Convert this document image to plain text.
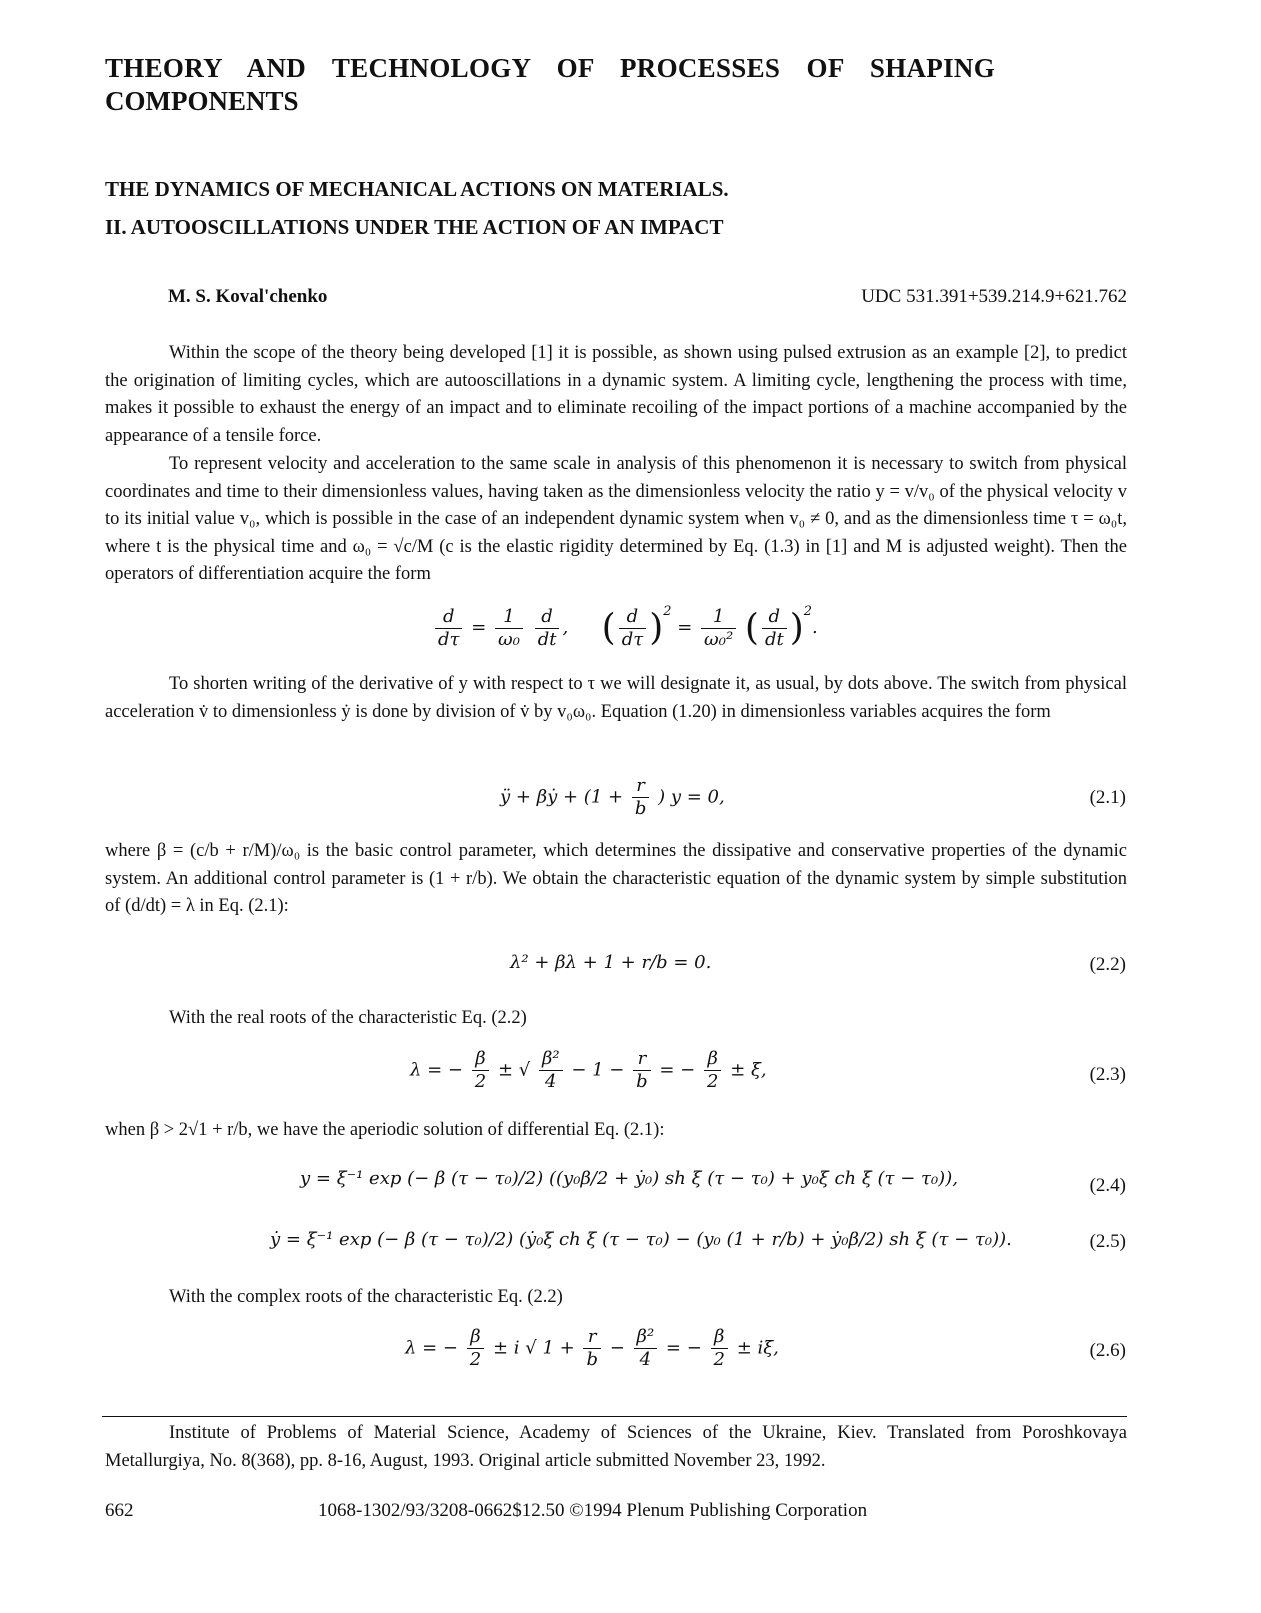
THEORY AND TECHNOLOGY OF PROCESSES OF SHAPING
COMPONENTS
THE DYNAMICS OF MECHANICAL ACTIONS ON MATERIALS.
II. AUTOOSCILLATIONS UNDER THE ACTION OF AN IMPACT
M. S. Koval'chenko	UDC 531.391+539.214.9+621.762

Within the scope of the theory being developed [1] it is possible, as shown using pulsed extrusion as an example [2], to predict the origination of limiting cycles, which are autooscillations in a dynamic system. A limiting cycle, lengthening the process with time, makes it possible to exhaust the energy of an impact and to eliminate recoiling of the impact portions of a machine accompanied by the appearance of a tensile force.

To represent velocity and acceleration to the same scale in analysis of this phenomenon it is necessary to switch from physical coordinates and time to their dimensionless values, having taken as the dimensionless velocity the ratio y = v/v₀ of the physical velocity v to its initial value v₀, which is possible in the case of an independent dynamic system when v₀ ≠ 0, and as the dimensionless time τ = ω₀t, where t is the physical time and ω₀ = √c/M (c is the elastic rigidity determined by Eq. (1.3) in [1] and M is adjusted weight). Then the operators of differentiation acquire the form

$\frac{d}{d\tau} = \frac{1}{\text{ω₀}}$
$\frac{d}{dt}$ , ( $\frac{d}{d\tau} )^2 = \frac{1}{\text{ω₀²}}$ ( $\frac{d}{dt} )^2$.

To shorten writing of the derivative of y with respect to τ we will designate it, as usual, by dots above. The switch from physical acceleration v̇ to dimensionless ẏ is done by division of v̇ by v₀ω₀. Equation (1.20) in dimensionless variables acquires the form

ÿ + βẏ + ($1 + \frac{r}{b}$ ) y = 0,	(2.1)

where β = (c/b + r/M)/ω₀ is the basic control parameter, which determines the dissipative and conservative properties of the dynamic system. An additional control parameter is (1 + r/b). We obtain the characteristic equation of the dynamic system by simple substitution of (d/dt) = λ in Eq. (2.1):

λ² + βλ + 1 + r/b = 0.	(2.2)

With the real roots of the characteristic Eq. (2.2)

λ = − $\frac{\beta}{2}$ ± √ $\frac{\text{β²}}{4} - 1 - \frac{r}{b}$ = − $\frac{\beta}{2} \pm \xi$,	(2.3)

when β > 2√1 + r/b, we have the aperiodic solution of differential Eq. (2.1):

y = ξ⁻¹ exp (− β (τ − τ₀)/2) ((y₀β/2 + ẏ₀) sh ξ (τ − τ₀) + y₀ξ ch ξ (τ − τ₀)),	(2.4)
ẏ = ξ⁻¹ exp (− β (τ − τ₀)/2) (ẏ₀ξ ch ξ (τ − τ₀) − (y₀ (1 + r/b) + ẏ₀β/2) sh ξ (τ − τ₀)).	(2.5)

With the complex roots of the characteristic Eq. (2.2)

λ = − $\frac{\beta}{2} \pm i$ √ $1 + \frac{r}{b} - \frac{\text{β²}}{4}$ = − $\frac{\beta}{2} \pm i\xi$,	(2.6)

Institute of Problems of Material Science, Academy of Sciences of the Ukraine, Kiev. Translated from Poroshkovaya Metallurgiya, No. 8(368), pp. 8-16, August, 1993. Original article submitted November 23, 1992.

662	1068-1302/93/3208-0662$12.50 ©1994 Plenum Publishing Corporation
